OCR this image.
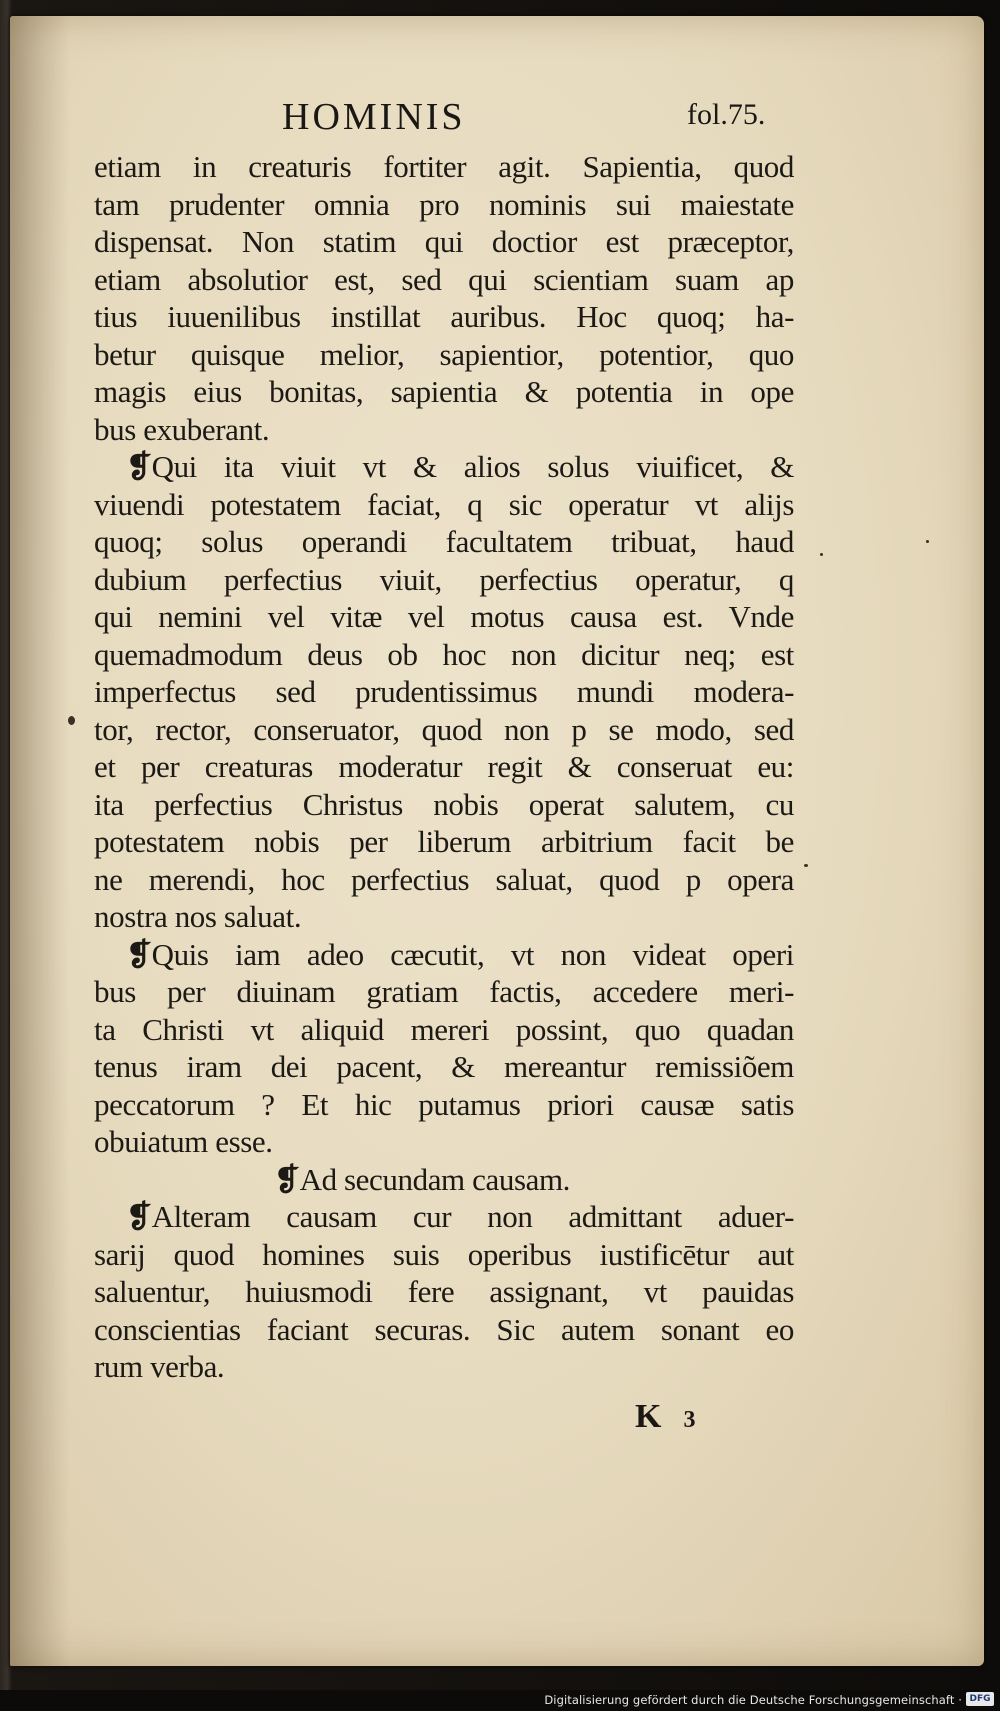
HOMINIS	fol.75.
etiam in creaturis fortiter agit. Sapientia, quod
tam prudenter omnia pro nominis sui maiestate
dispensat. Non statim qui doctior est præceptor,
etiam absolutior est, sed qui scientiam suam ap
tius iuuenilibus instillat auribus. Hoc quoq; ha-
betur quisque melior, sapientior, potentior, quo
magis eius bonitas, sapientia & potentia in ope
bus exuberant.
❡Qui ita viuit vt & alios solus viuificet, &
viuendi potestatem faciat, q sic operatur vt alijs
quoq; solus operandi facultatem tribuat, haud
dubium perfectius viuit, perfectius operatur, q
qui nemini vel vitæ vel motus causa est. Vnde
quemadmodum deus ob hoc non dicitur neq; est
imperfectus sed prudentissimus mundi modera-
tor, rector, conseruator, quod non p se modo, sed
et per creaturas moderatur regit & conseruat eu:
ita perfectius Christus nobis operat salutem, cu
potestatem nobis per liberum arbitrium facit be
ne merendi, hoc perfectius saluat, quod p opera
nostra nos saluat.
❡Quis iam adeo cæcutit, vt non videat operi
bus per diuinam gratiam factis, accedere meri-
ta Christi vt aliquid mereri possint, quo quadan
tenus iram dei pacent, & mereantur remissiõem
peccatorum ? Et hic putamus priori causæ satis
obuiatum esse.
❡Ad secundam causam.
❡Alteram causam cur non admittant aduer-
sarij quod homines suis operibus iustificētur aut
saluentur, huiusmodi fere assignant, vt pauidas
conscientias faciant securas. Sic autem sonant eo
rum verba.
K 3
Digitalisierung gefördert durch die Deutsche Forschungsgemeinschaft · DFG
